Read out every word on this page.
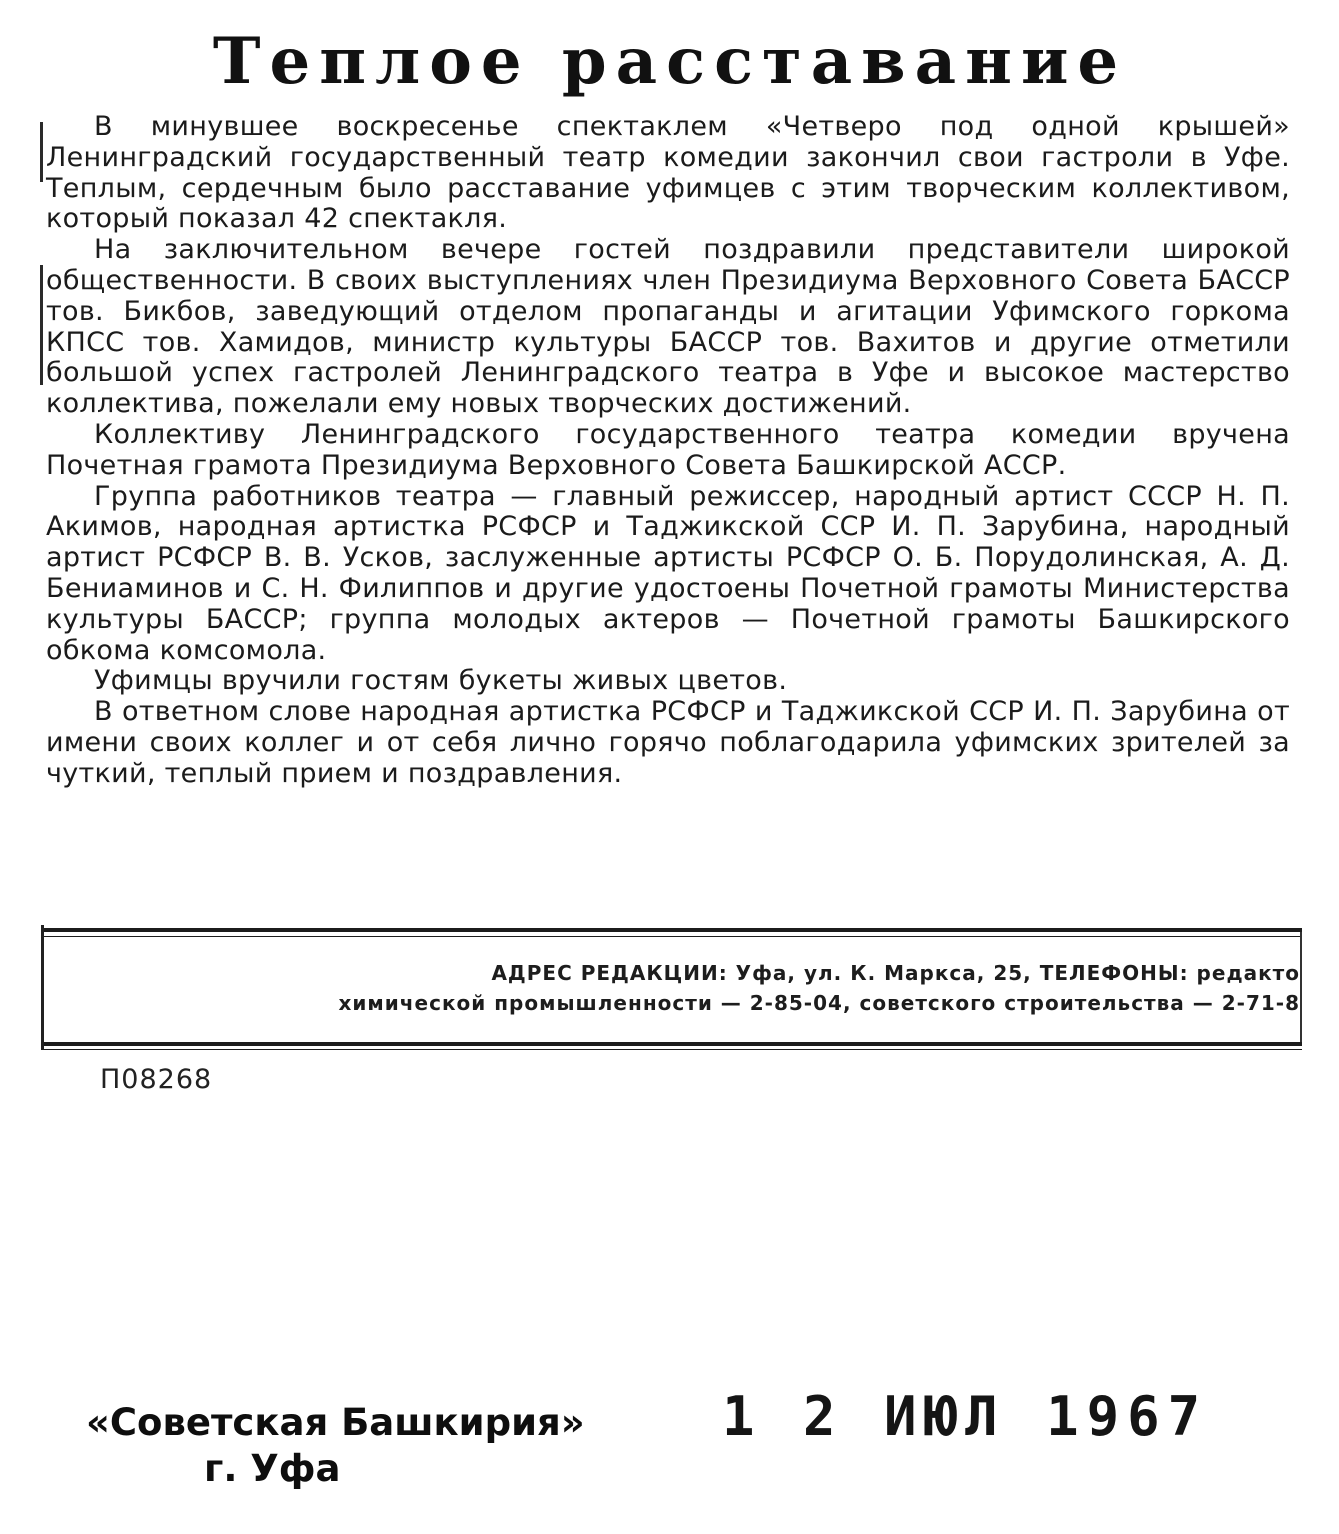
Теплое расставание

В минувшее воскресенье спектаклем «Четверо под одной крышей» Ленинградский государственный театр комедии закончил свои гастроли в Уфе. Теплым, сердечным было расставание уфимцев с этим творческим коллективом, который показал 42 спектакля.

На заключительном вечере гостей поздравили представители широкой общественности. В своих выступлениях член Президиума Верховного Совета БАССР тов. Бикбов, заведующий отделом пропаганды и агитации Уфимского горкома КПСС тов. Хамидов, министр культуры БАССР тов. Вахитов и другие отметили большой успех гастролей Ленинградского театра в Уфе и высокое мастерство коллектива, пожелали ему новых творческих достижений.

Коллективу Ленинградского государственного театра комедии вручена Почетная грамота Президиума Верховного Совета Башкирской АССР.

Группа работников театра — главный режиссер, народный артист СССР Н. П. Акимов, народная артистка РСФСР и Таджикской ССР И. П. Зарубина, народный артист РСФСР В. В. Усков, заслуженные артисты РСФСР О. Б. Порудолинская, А. Д. Бениаминов и С. Н. Филиппов и другие удостоены Почетной грамоты Министерства культуры БАССР; группа молодых актеров — Почетной грамоты Башкирского обкома комсомола.

Уфимцы вручили гостям букеты живых цветов.

В ответном слове народная артистка РСФСР и Таджикской ССР И. П. Зарубина от имени своих коллег и от себя лично горячо поблагодарила уфимских зрителей за чуткий, теплый прием и поздравления.

АДРЕС РЕДАКЦИИ: Уфа, ул. К. Маркса, 25, ТЕЛЕФОНЫ: редакто
химической промышленности — 2-85-04, советского строительства — 2-71-8
П08268
«Советская Башкирия»
г. Уфа
1 2 ИЮЛ 1967
